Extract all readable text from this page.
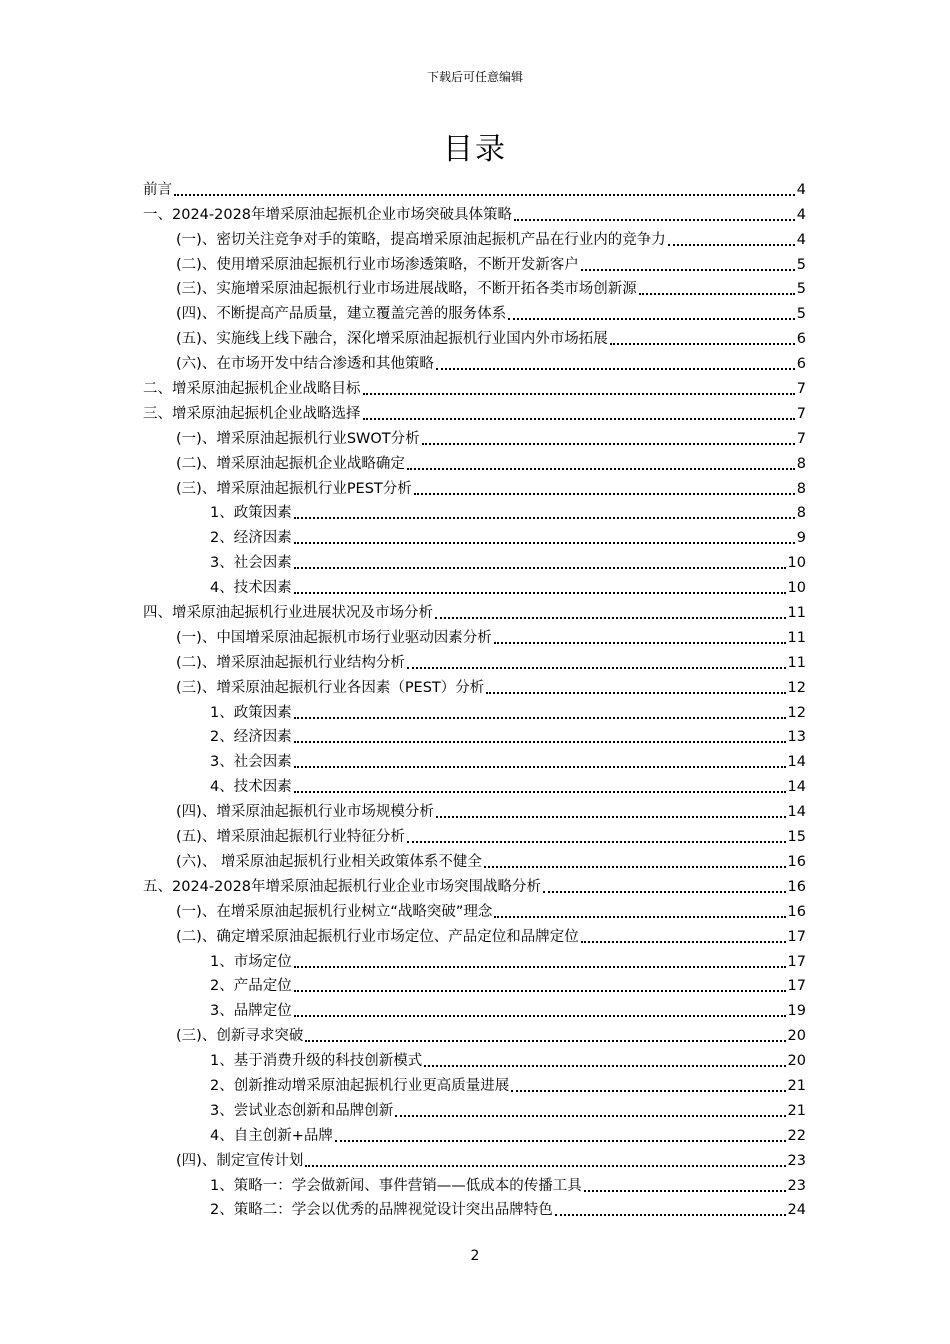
下载后可任意编辑
目录
前言	4
一、2024-2028年增采原油起振机企业市场突破具体策略	4
(一)、密切关注竞争对手的策略，提高增采原油起振机产品在行业内的竞争力	4
(二)、使用增采原油起振机行业市场渗透策略，不断开发新客户	5
(三)、实施增采原油起振机行业市场进展战略，不断开拓各类市场创新源	5
(四)、不断提高产品质量，建立覆盖完善的服务体系	5
(五)、实施线上线下融合，深化增采原油起振机行业国内外市场拓展	6
(六)、在市场开发中结合渗透和其他策略	6
二、增采原油起振机企业战略目标	7
三、增采原油起振机企业战略选择	7
(一)、增采原油起振机行业SWOT分析	7
(二)、增采原油起振机企业战略确定	8
(三)、增采原油起振机行业PEST分析	8
1、政策因素	8
2、经济因素	9
3、社会因素	10
4、技术因素	10
四、增采原油起振机行业进展状况及市场分析	11
(一)、中国增采原油起振机市场行业驱动因素分析	11
(二)、增采原油起振机行业结构分析	11
(三)、增采原油起振机行业各因素（PEST）分析	12
1、政策因素	12
2、经济因素	13
3、社会因素	14
4、技术因素	14
(四)、增采原油起振机行业市场规模分析	14
(五)、增采原油起振机行业特征分析	15
(六)、 增采原油起振机行业相关政策体系不健全	16
五、2024-2028年增采原油起振机行业企业市场突围战略分析	16
(一)、在增采原油起振机行业树立“战略突破”理念	16
(二)、确定增采原油起振机行业市场定位、产品定位和品牌定位	17
1、市场定位	17
2、产品定位	17
3、品牌定位	19
(三)、创新寻求突破	20
1、基于消费升级的科技创新模式	20
2、创新推动增采原油起振机行业更高质量进展	21
3、尝试业态创新和品牌创新	21
4、自主创新+品牌	22
(四)、制定宣传计划	23
1、策略一：学会做新闻、事件营销——低成本的传播工具	23
2、策略二：学会以优秀的品牌视觉设计突出品牌特色	24
2
